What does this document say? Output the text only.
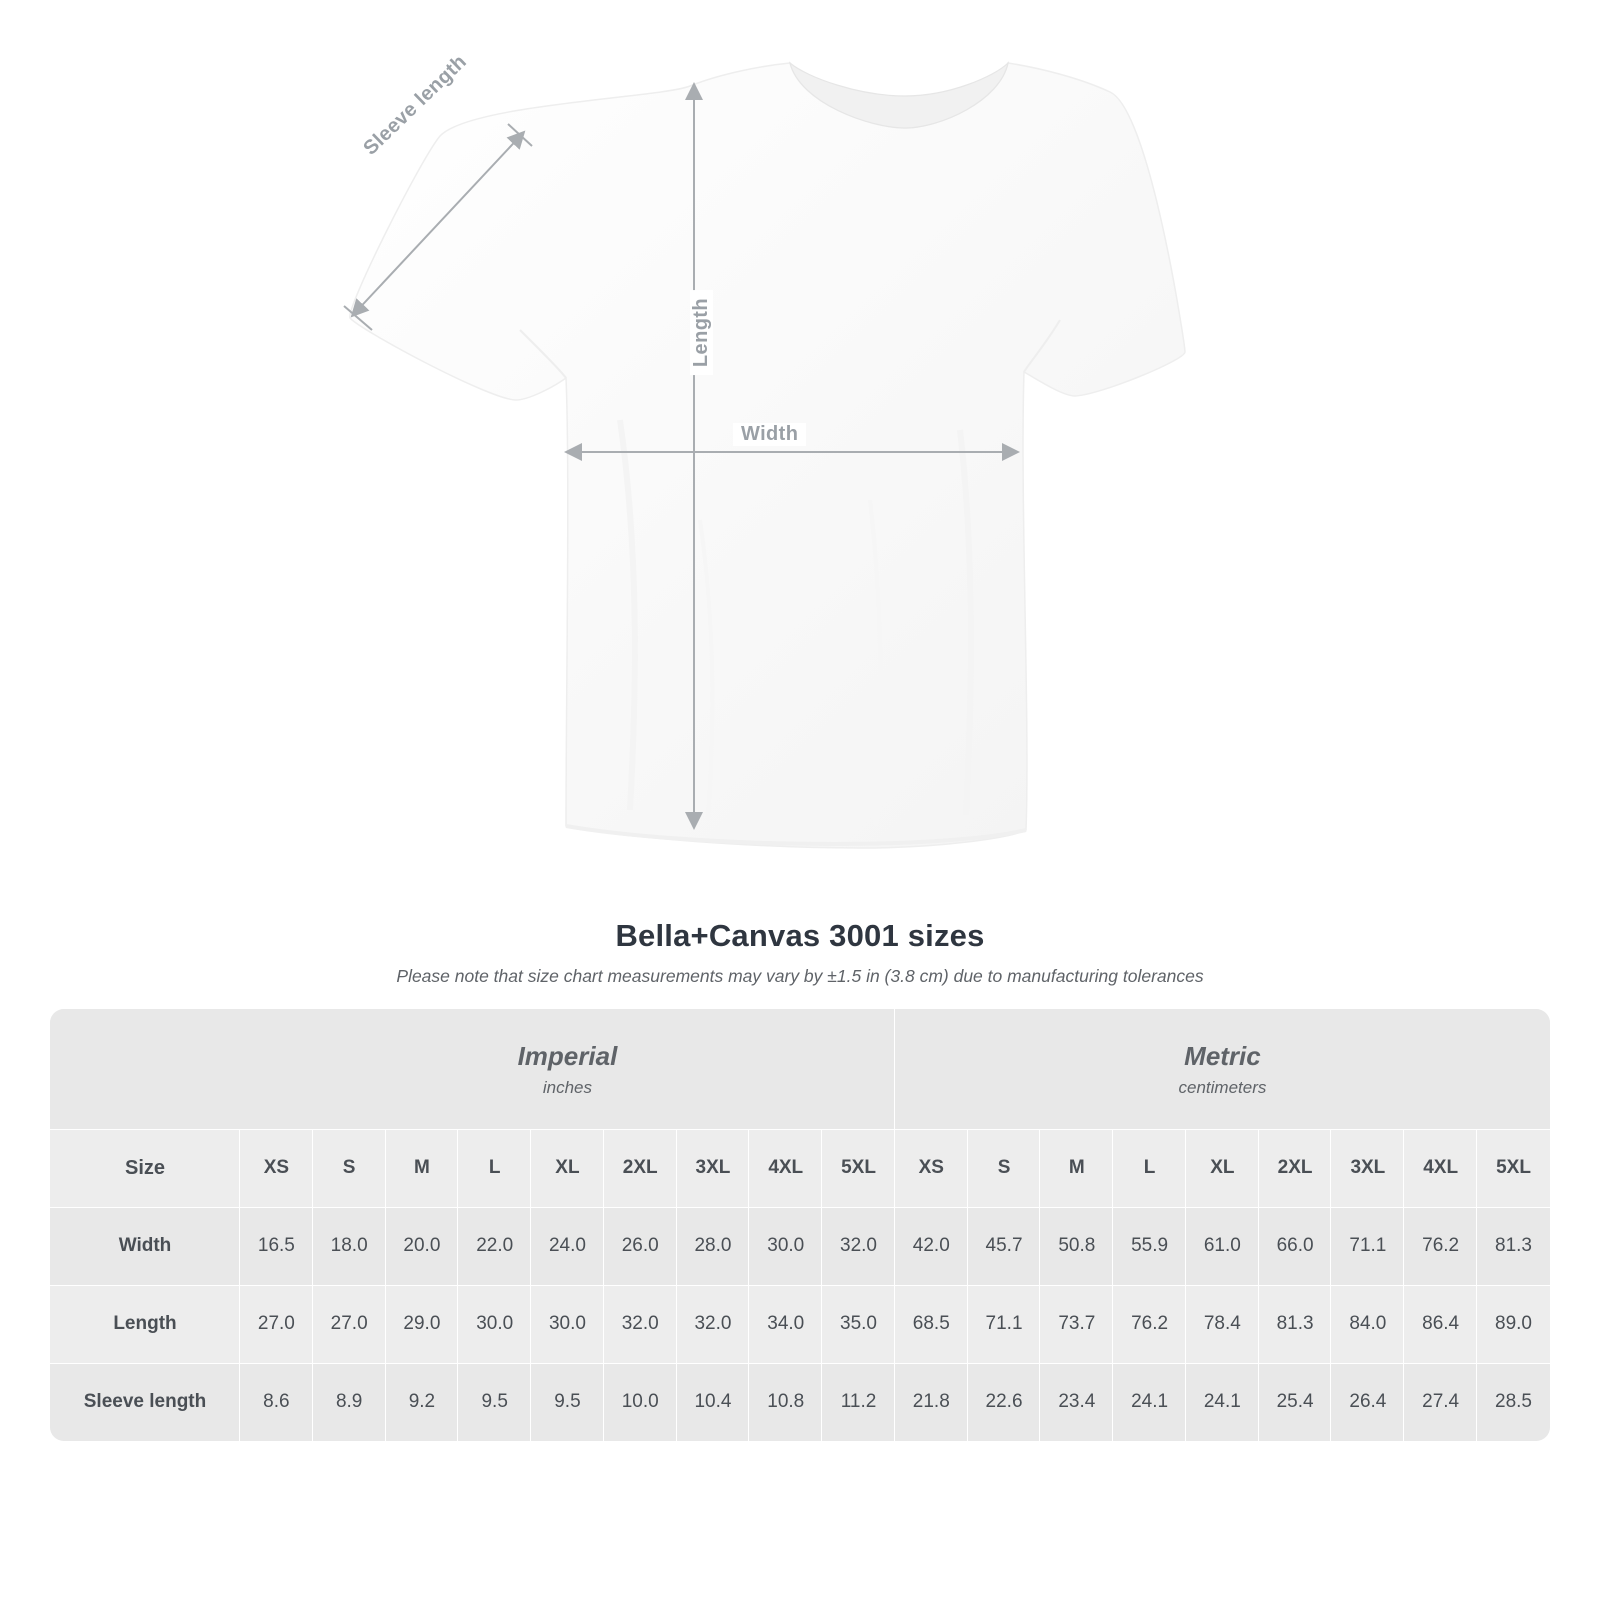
Width
Length
Sleeve length
Bella+Canvas 3001 sizes
Please note that size chart measurements may vary by ±1.5 in (3.8 cm) due to manufacturing tolerances

	Imperial
inches									Metric
centimeters								

Size	XS	S	M	L	XL	2XL	3XL	4XL	5XL	XS	S	M	L	XL	2XL	3XL	4XL	5XL
Width	16.5	18.0	20.0	22.0	24.0	26.0	28.0	30.0	32.0	42.0	45.7	50.8	55.9	61.0	66.0	71.1	76.2	81.3
Length	27.0	27.0	29.0	30.0	30.0	32.0	32.0	34.0	35.0	68.5	71.1	73.7	76.2	78.4	81.3	84.0	86.4	89.0
Sleeve length	8.6	8.9	9.2	9.5	9.5	10.0	10.4	10.8	11.2	21.8	22.6	23.4	24.1	24.1	25.4	26.4	27.4	28.5
